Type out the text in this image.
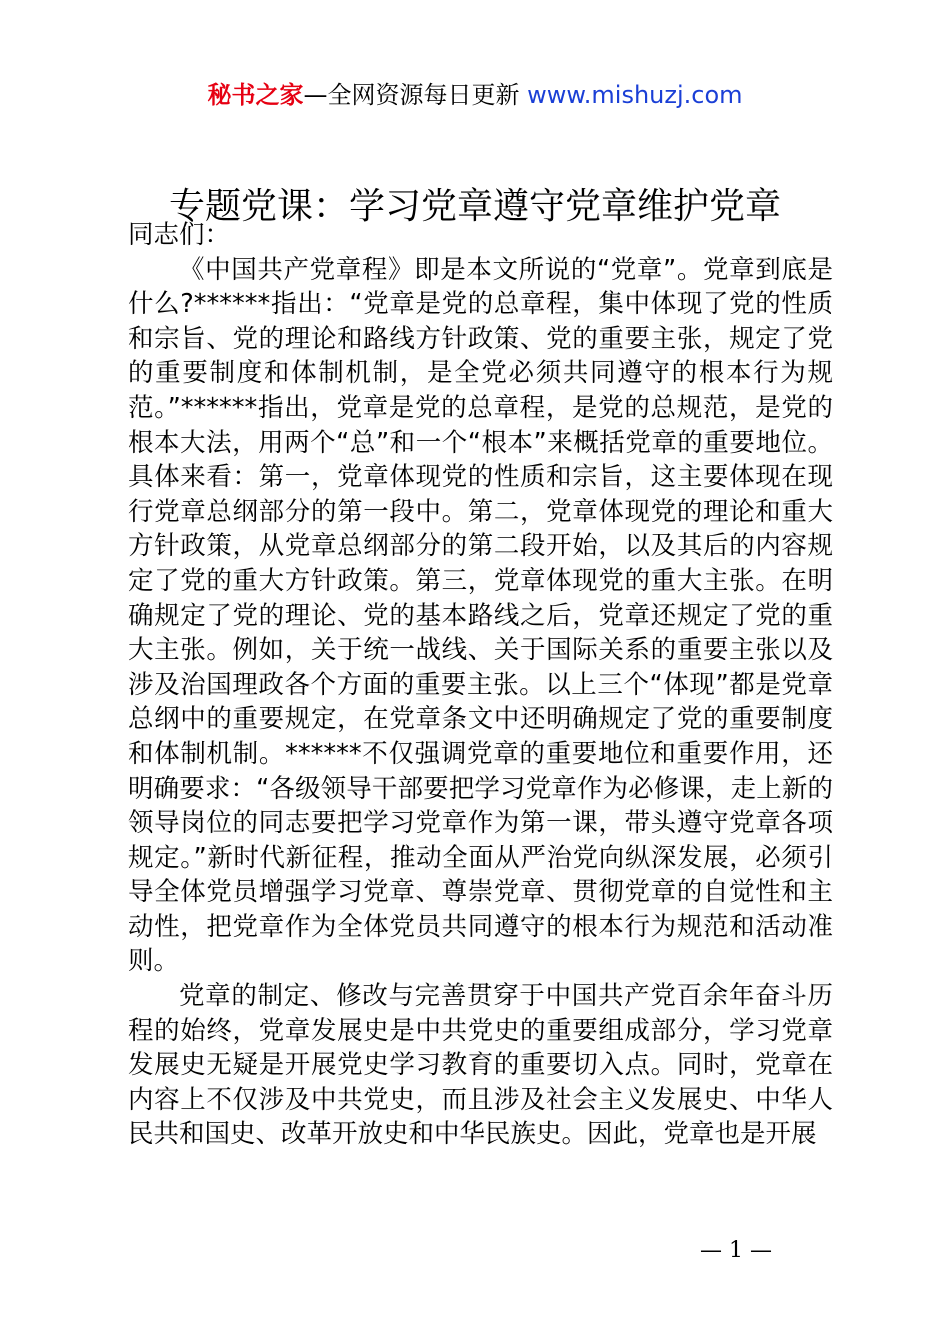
秘书之家—全网资源每日更新 www.mishuzj.com
专题党课：学习党章遵守党章维护党章

同志们：

《中国共产党章程》即是本文所说的“党章”。党章到底是什么?******指出：“党章是党的总章程，集中体现了党的性质和宗旨、党的理论和路线方针政策、党的重要主张，规定了党的重要制度和体制机制，是全党必须共同遵守的根本行为规范。”******指出，党章是党的总章程，是党的总规范，是党的根本大法，用两个“总”和一个“根本”来概括党章的重要地位。具体来看：第一，党章体现党的性质和宗旨，这主要体现在现行党章总纲部分的第一段中。第二，党章体现党的理论和重大方针政策，从党章总纲部分的第二段开始，以及其后的内容规定了党的重大方针政策。第三，党章体现党的重大主张。在明确规定了党的理论、党的基本路线之后，党章还规定了党的重大主张。例如，关于统一战线、关于国际关系的重要主张以及涉及治国理政各个方面的重要主张。以上三个“体现”都是党章总纲中的重要规定，在党章条文中还明确规定了党的重要制度和体制机制。******不仅强调党章的重要地位和重要作用，还明确要求：“各级领导干部要把学习党章作为必修课，走上新的领导岗位的同志要把学习党章作为第一课，带头遵守党章各项规定。”新时代新征程，推动全面从严治党向纵深发展，必须引导全体党员增强学习党章、尊崇党章、贯彻党章的自觉性和主动性，把党章作为全体党员共同遵守的根本行为规范和活动准则。

党章的制定、修改与完善贯穿于中国共产党百余年奋斗历程的始终，党章发展史是中共党史的重要组成部分，学习党章发展史无疑是开展党史学习教育的重要切入点。同时，党章在内容上不仅涉及中共党史，而且涉及社会主义发展史、中华人民共和国史、改革开放史和中华民族史。因此，党章也是开展

— 1 —
